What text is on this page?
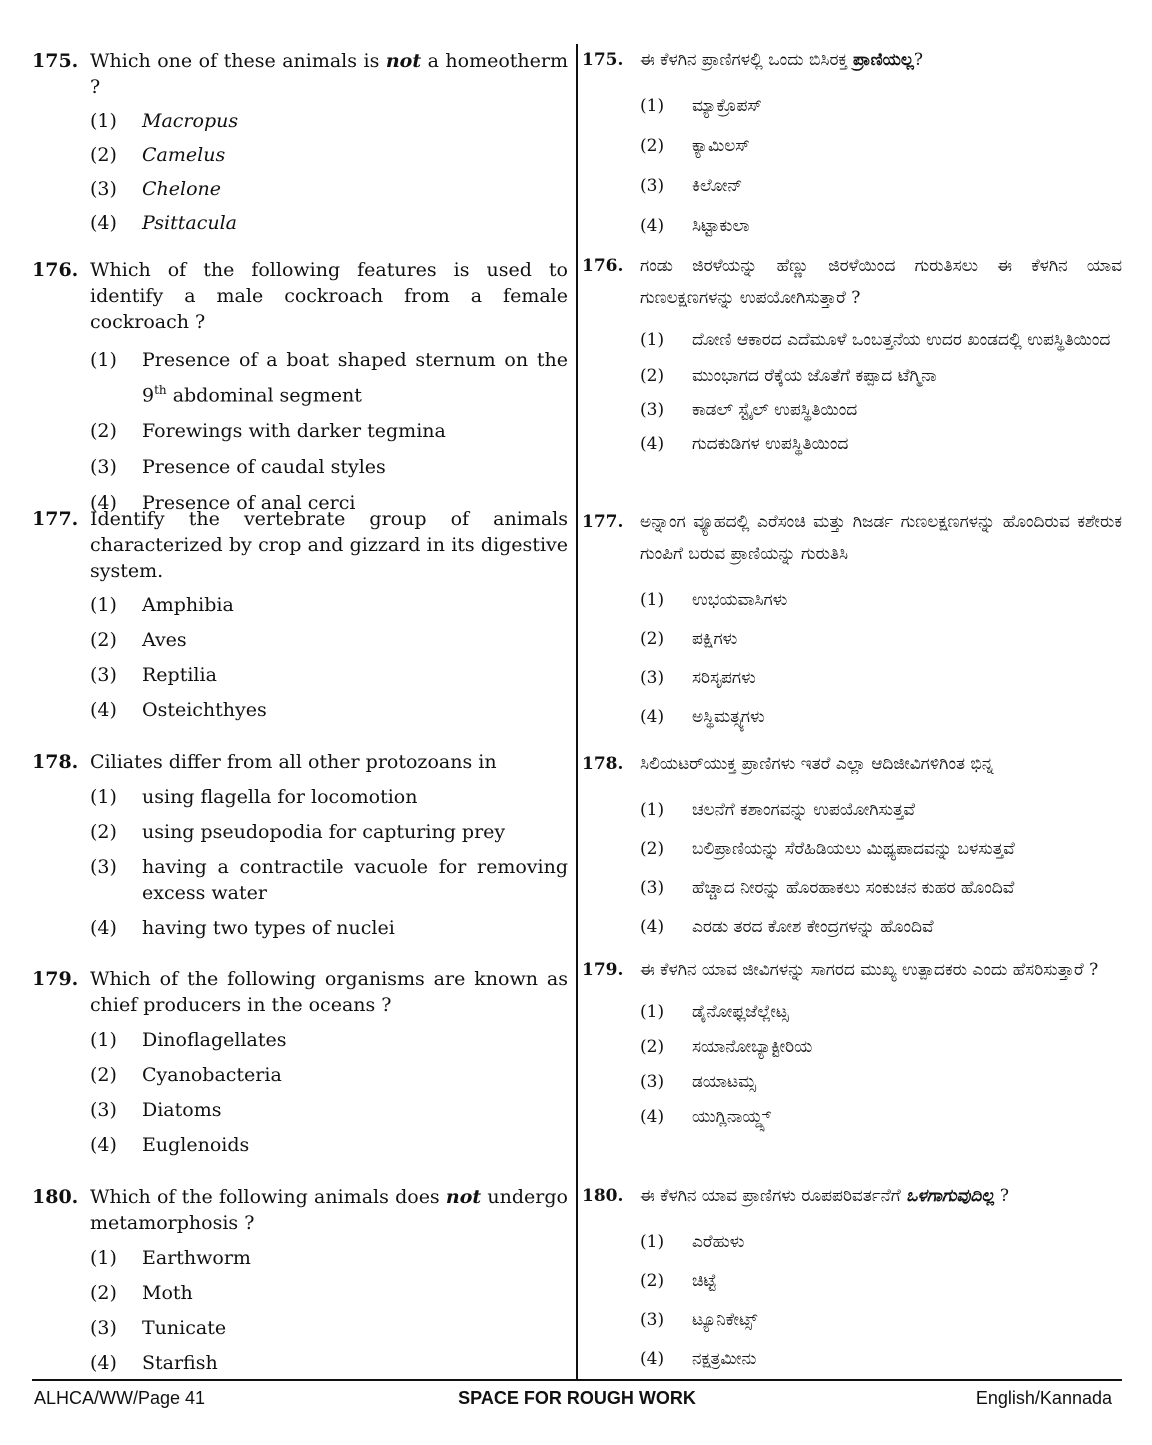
175. Which one of these animals is not a homeotherm ?
(1)	Macropus
(2)	Camelus
(3)	Chelone
(4)	Psittacula
176. Which of the following features is used to identify a male cockroach from a female cockroach ?
(1)	Presence of a boat shaped sternum on the 9th abdominal segment
(2)	Forewings with darker tegmina
(3)	Presence of caudal styles
(4)	Presence of anal cerci
177. Identify the vertebrate group of animals characterized by crop and gizzard in its digestive system.
(1)	Amphibia
(2)	Aves
(3)	Reptilia
(4)	Osteichthyes
178. Ciliates differ from all other protozoans in
(1)	using flagella for locomotion
(2)	using pseudopodia for capturing prey
(3)	having a contractile vacuole for removing excess water
(4)	having two types of nuclei
179. Which of the following organisms are known as chief producers in the oceans ?
(1)	Dinoflagellates
(2)	Cyanobacteria
(3)	Diatoms
(4)	Euglenoids
180. Which of the following animals does not undergo metamorphosis ?
(1)	Earthworm
(2)	Moth
(3)	Tunicate
(4)	Starfish
175. ಈ ಕೆಳಗಿನ ಪ್ರಾಣಿಗಳಲ್ಲಿ ಒಂದು ಬಿಸಿರಕ್ತ ಪ್ರಾಣಿಯಲ್ಲ?
(1)	ಮ್ಯಾಕ್ರೊಪಸ್
(2)	ಕ್ಯಾಮಿಲಸ್
(3)	ಕಿಲೋನ್
(4)	ಸಿಟ್ಟಾಕುಲಾ
176. ಗಂಡು ಜಿರಳೆಯನ್ನು ಹೆಣ್ಣು ಜಿರಳೆಯಿಂದ ಗುರುತಿಸಲು ಈ ಕೆಳಗಿನ ಯಾವ ಗುಣಲಕ್ಷಣಗಳನ್ನು ಉಪಯೋಗಿಸುತ್ತಾರೆ ?
(1)	ದೋಣಿ ಆಕಾರದ ಎದೆಮೂಳೆ ಒಂಬತ್ತನೆಯ ಉದರ ಖಂಡದಲ್ಲಿ ಉಪಸ್ಥಿತಿಯಿಂದ
(2)	ಮುಂಭಾಗದ ರೆಕ್ಕೆಯ ಜೊತೆಗೆ ಕಪ್ಪಾದ ಟೆಗ್ಮಿನಾ
(3)	ಕಾಡಲ್ ಸ್ಟೈಲ್ ಉಪಸ್ಥಿತಿಯಿಂದ
(4)	ಗುದಕುಡಿಗಳ ಉಪಸ್ಥಿತಿಯಿಂದ
177. ಅನ್ನಾಂಗ ವ್ಯೂಹದಲ್ಲಿ ಎರೆಸಂಚಿ ಮತ್ತು ಗಿಜರ್ಡ ಗುಣಲಕ್ಷಣಗಳನ್ನು ಹೊಂದಿರುವ ಕಶೇರುಕ ಗುಂಪಿಗೆ ಬರುವ ಪ್ರಾಣಿಯನ್ನು ಗುರುತಿಸಿ
(1)	ಉಭಯವಾಸಿಗಳು
(2)	ಪಕ್ಷಿಗಳು
(3)	ಸರಿಸೃಪಗಳು
(4)	ಅಸ್ಥಿಮತ್ಸ್ಯಗಳು
178. ಸಿಲಿಯಟರ್‌ಯುಕ್ತ ಪ್ರಾಣಿಗಳು ಇತರೆ ಎಲ್ಲಾ ಆದಿಜೀವಿಗಳಿಗಿಂತ ಭಿನ್ನ
(1)	ಚಲನೆಗೆ ಕಶಾಂಗವನ್ನು ಉಪಯೋಗಿಸುತ್ತವೆ
(2)	ಬಲಿಪ್ರಾಣಿಯನ್ನು ಸೆರೆಹಿಡಿಯಲು ಮಿಥ್ಯಪಾದವನ್ನು ಬಳಸುತ್ತವೆ
(3)	ಹೆಚ್ಚಾದ ನೀರನ್ನು ಹೊರಹಾಕಲು ಸಂಕುಚನ ಕುಹರ ಹೊಂದಿವೆ
(4)	ಎರಡು ತರದ ಕೋಶ ಕೇಂದ್ರಗಳನ್ನು ಹೊಂದಿವೆ
179. ಈ ಕೆಳಗಿನ ಯಾವ ಜೀವಿಗಳನ್ನು ಸಾಗರದ ಮುಖ್ಯ ಉತ್ಪಾದಕರು ಎಂದು ಹೆಸರಿಸುತ್ತಾರೆ ?
(1)	ಡೈನೋಫ್ಲಜೆಲ್ಲೇಟ್ಸ
(2)	ಸಯಾನೋಬ್ಯಾಕ್ಟೀರಿಯ
(3)	ಡಯಾಟಮ್ಸ
(4)	ಯುಗ್ಲಿನಾಯ್ಡ್ಸ್
180. ಈ ಕೆಳಗಿನ ಯಾವ ಪ್ರಾಣಿಗಳು ರೂಪಪರಿವರ್ತನೆಗೆ ಒಳಗಾಗುವುದಿಲ್ಲ ?
(1)	ಎರೆಹುಳು
(2)	ಚಿಟ್ಟೆ
(3)	ಟ್ಯೂನಿಕೇಟ್ಸ್
(4)	ನಕ್ಷತ್ರಮೀನು
ALHCA/WW/Page 41	SPACE FOR ROUGH WORK	English/Kannada
